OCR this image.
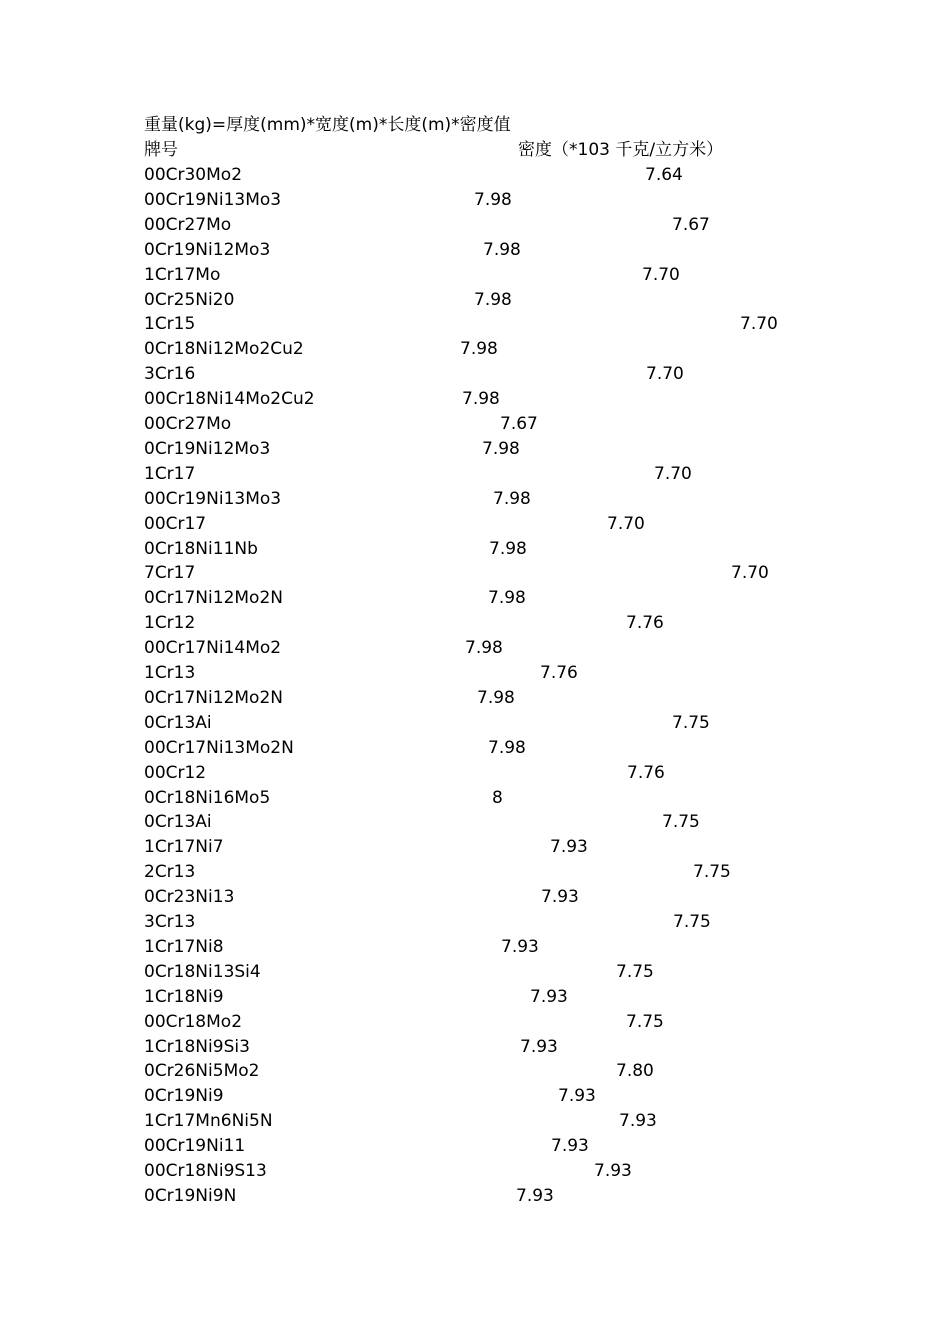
重量(kg)=厚度(mm)*宽度(m)*长度(m)*密度值
牌号	密度（*103 千克/立方米）
00Cr30Mo2	7.64
00Cr19Ni13Mo3	7.98
00Cr27Mo	7.67
0Cr19Ni12Mo3	7.98
1Cr17Mo	7.70
0Cr25Ni20	7.98
1Cr15	7.70
0Cr18Ni12Mo2Cu2	7.98
3Cr16	7.70
00Cr18Ni14Mo2Cu2	7.98
00Cr27Mo	7.67
0Cr19Ni12Mo3	7.98
1Cr17	7.70
00Cr19Ni13Mo3	7.98
00Cr17	7.70
0Cr18Ni11Nb	7.98
7Cr17	7.70
0Cr17Ni12Mo2N	7.98
1Cr12	7.76
00Cr17Ni14Mo2	7.98
1Cr13	7.76
0Cr17Ni12Mo2N	7.98
0Cr13Ai	7.75
00Cr17Ni13Mo2N	7.98
00Cr12	7.76
0Cr18Ni16Mo5	8
0Cr13Ai	7.75
1Cr17Ni7	7.93
2Cr13	7.75
0Cr23Ni13	7.93
3Cr13	7.75
1Cr17Ni8	7.93
0Cr18Ni13Si4	7.75
1Cr18Ni9	7.93
00Cr18Mo2	7.75
1Cr18Ni9Si3	7.93
0Cr26Ni5Mo2	7.80
0Cr19Ni9	7.93
1Cr17Mn6Ni5N	7.93
00Cr19Ni11	7.93
00Cr18Ni9S13	7.93
0Cr19Ni9N	7.93
